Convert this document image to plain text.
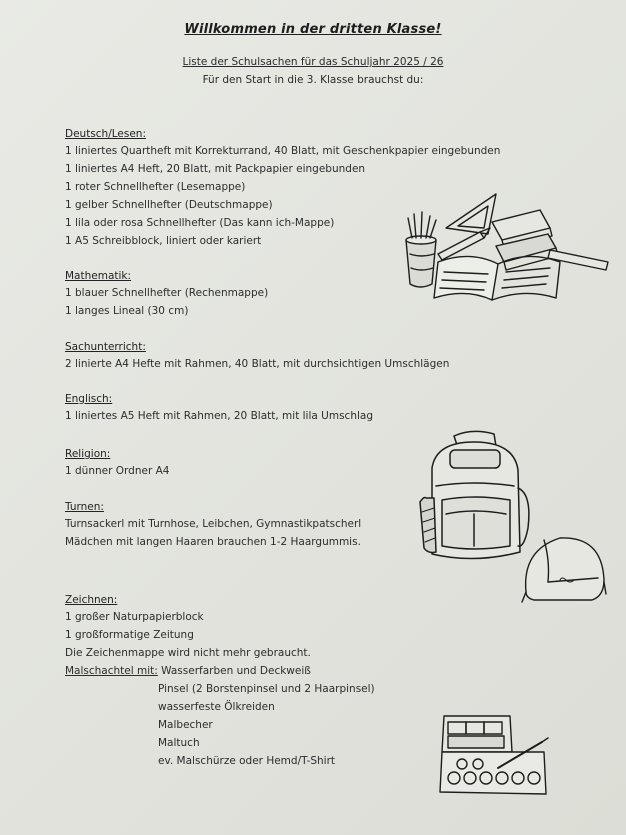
Willkommen in der dritten Klasse!
Liste der Schulsachen für das Schuljahr 2025 / 26
Für den Start in die 3. Klasse brauchst du:
Deutsch/Lesen:
1 liniertes Quartheft mit Korrekturrand, 40 Blatt, mit Geschenkpapier eingebunden
1 liniertes A4 Heft, 20 Blatt, mit Packpapier eingebunden
1 roter Schnellhefter (Lesemappe)
1 gelber Schnellhefter (Deutschmappe)
1 lila oder rosa Schnellhefter (Das kann ich-Mappe)
1 A5 Schreibblock, liniert oder kariert
Mathematik:
1 blauer Schnellhefter (Rechenmappe)
1 langes Lineal (30 cm)
Sachunterricht:
2 linierte A4 Hefte mit Rahmen, 40 Blatt, mit durchsichtigen Umschlägen
Englisch:
1 liniertes A5 Heft mit Rahmen, 20 Blatt, mit lila Umschlag
Religion:
1 dünner Ordner A4
Turnen:
Turnsackerl mit Turnhose, Leibchen, Gymnastikpatscherl
Mädchen mit langen Haaren brauchen 1-2 Haargummis.
Zeichnen:
1 großer Naturpapierblock
1 großformatige Zeitung
Die Zeichenmappe wird nicht mehr gebraucht.
Malschachtel mit: Wasserfarben und Deckweiß
Pinsel (2 Borstenpinsel und 2 Haarpinsel)
wasserfeste Ölkreiden
Malbecher
Maltuch
ev. Malschürze oder Hemd/T-Shirt
